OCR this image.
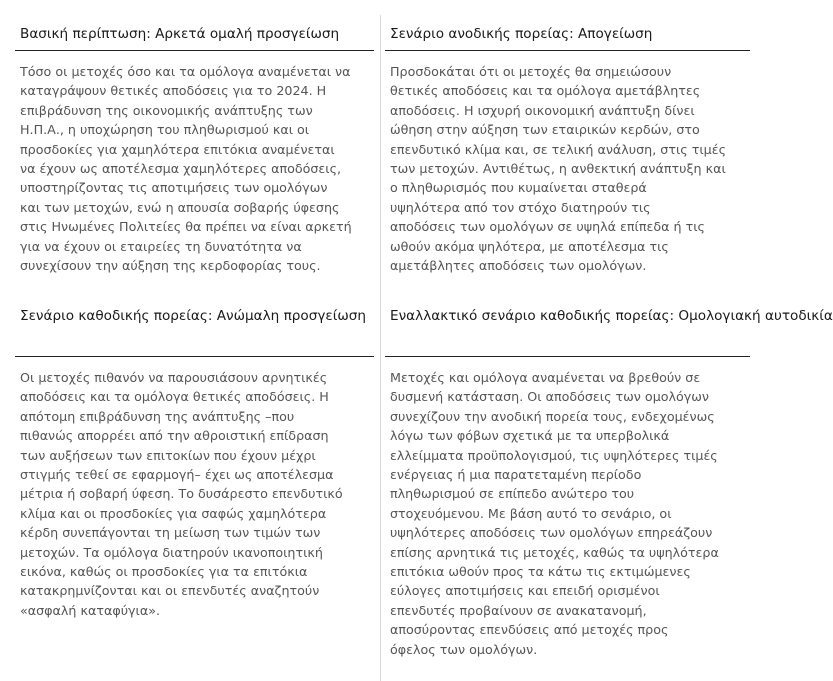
Βασική περίπτωση: Αρκετά ομαλή προσγείωση
Τόσο οι μετοχές όσο και τα ομόλογα αναμένεται να
καταγράψουν θετικές αποδόσεις για το 2024. Η
επιβράδυνση της οικονομικής ανάπτυξης των
Η.Π.Α., η υποχώρηση του πληθωρισμού και οι
προσδοκίες για χαμηλότερα επιτόκια αναμένεται
να έχουν ως αποτέλεσμα χαμηλότερες αποδόσεις,
υποστηρίζοντας τις αποτιμήσεις των ομολόγων
και των μετοχών, ενώ η απουσία σοβαρής ύφεσης
στις Ηνωμένες Πολιτείες θα πρέπει να είναι αρκετή
για να έχουν οι εταιρείες τη δυνατότητα να
συνεχίσουν την αύξηση της κερδοφορίας τους.
Σενάριο ανοδικής πορείας: Απογείωση
Προσδοκάται ότι οι μετοχές θα σημειώσουν
θετικές αποδόσεις και τα ομόλογα αμετάβλητες
αποδόσεις. Η ισχυρή οικονομική ανάπτυξη δίνει
ώθηση στην αύξηση των εταιρικών κερδών, στο
επενδυτικό κλίμα και, σε τελική ανάλυση, στις τιμές
των μετοχών. Αντιθέτως, η ανθεκτική ανάπτυξη και
ο πληθωρισμός που κυμαίνεται σταθερά
υψηλότερα από τον στόχο διατηρούν τις
αποδόσεις των ομολόγων σε υψηλά επίπεδα ή τις
ωθούν ακόμα ψηλότερα, με αποτέλεσμα τις
αμετάβλητες αποδόσεις των ομολόγων.
Σενάριο καθοδικής πορείας: Ανώμαλη προσγείωση
Οι μετοχές πιθανόν να παρουσιάσουν αρνητικές
αποδόσεις και τα ομόλογα θετικές αποδόσεις. Η
απότομη επιβράδυνση της ανάπτυξης –που
πιθανώς απορρέει από την αθροιστική επίδραση
των αυξήσεων των επιτοκίων που έχουν μέχρι
στιγμής τεθεί σε εφαρμογή– έχει ως αποτέλεσμα
μέτρια ή σοβαρή ύφεση. Το δυσάρεστο επενδυτικό
κλίμα και οι προσδοκίες για σαφώς χαμηλότερα
κέρδη συνεπάγονται τη μείωση των τιμών των
μετοχών. Τα ομόλογα διατηρούν ικανοποιητική
εικόνα, καθώς οι προσδοκίες για τα επιτόκια
κατακρημνίζονται και οι επενδυτές αναζητούν
«ασφαλή καταφύγια».
Εναλλακτικό σενάριο καθοδικής πορείας: Ομολογιακή αυτοδικία
Μετοχές και ομόλογα αναμένεται να βρεθούν σε
δυσμενή κατάσταση. Οι αποδόσεις των ομολόγων
συνεχίζουν την ανοδική πορεία τους, ενδεχομένως
λόγω των φόβων σχετικά με τα υπερβολικά
ελλείμματα προϋπολογισμού, τις υψηλότερες τιμές
ενέργειας ή μια παρατεταμένη περίοδο
πληθωρισμού σε επίπεδο ανώτερο του
στοχευόμενου. Με βάση αυτό το σενάριο, οι
υψηλότερες αποδόσεις των ομολόγων επηρεάζουν
επίσης αρνητικά τις μετοχές, καθώς τα υψηλότερα
επιτόκια ωθούν προς τα κάτω τις εκτιμώμενες
εύλογες αποτιμήσεις και επειδή ορισμένοι
επενδυτές προβαίνουν σε ανακατανομή,
αποσύροντας επενδύσεις από μετοχές προς
όφελος των ομολόγων.
